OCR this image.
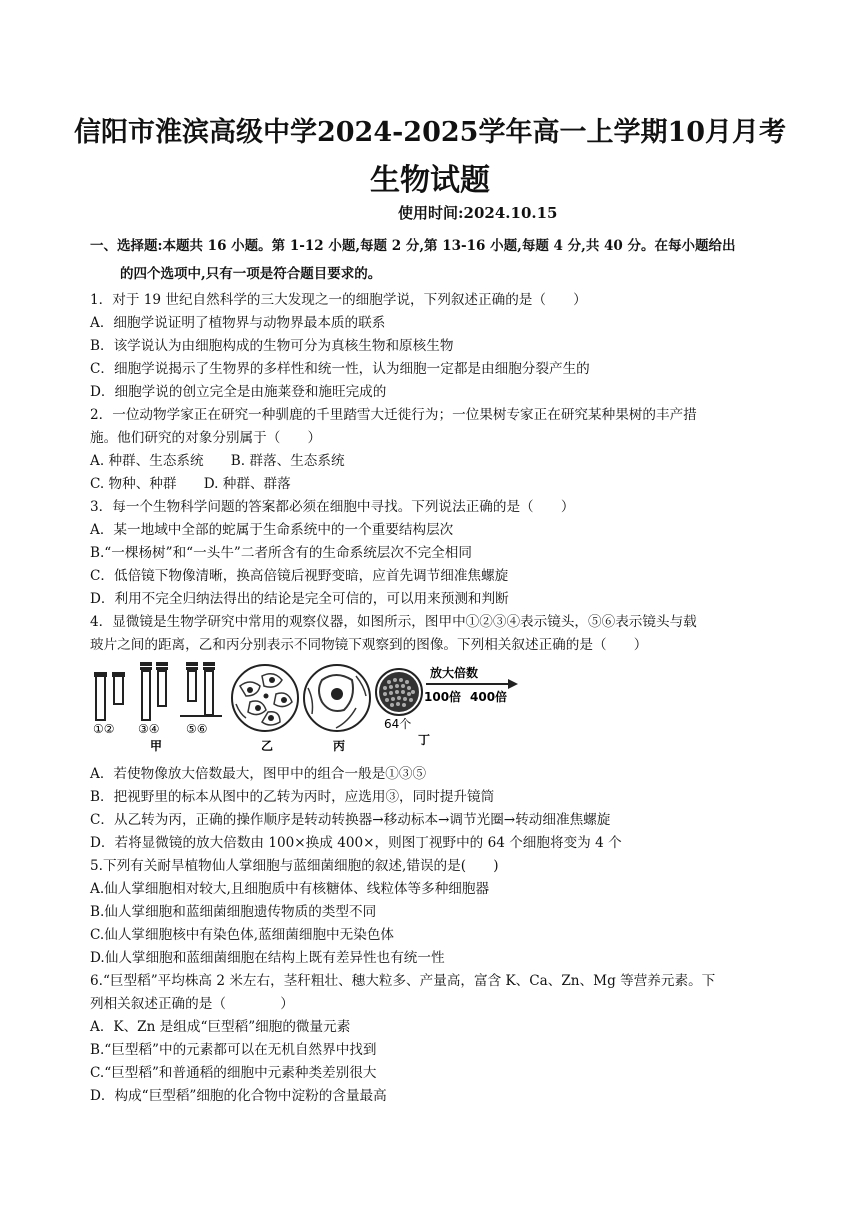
信阳市淮滨高级中学2024-2025学年高一上学期10月月考
生物试题
使用时间:2024.10.15
一、选择题:本题共 16 小题。第 1-12 小题,每题 2 分,第 13-16 小题,每题 4 分,共 40 分。在每小题给出
的四个选项中,只有一项是符合题目要求的。
1．对于 19 世纪自然科学的三大发现之一的细胞学说，下列叙述正确的是（　　）
A．细胞学说证明了植物界与动物界最本质的联系
B．该学说认为由细胞构成的生物可分为真核生物和原核生物
C．细胞学说揭示了生物界的多样性和统一性，认为细胞一定都是由细胞分裂产生的
D．细胞学说的创立完全是由施莱登和施旺完成的
2．一位动物学家正在研究一种驯鹿的千里踏雪大迁徙行为；一位果树专家正在研究某种果树的丰产措
施。他们研究的对象分别属于（　　）
A. 种群、生态系统　　B. 群落、生态系统
C. 物种、种群　　D. 种群、群落
3．每一个生物科学问题的答案都必须在细胞中寻找。下列说法正确的是（　　）
A．某一地域中全部的蛇属于生命系统中的一个重要结构层次
B.“一棵杨树”和“一头牛”二者所含有的生命系统层次不完全相同
C．低倍镜下物像清晰，换高倍镜后视野变暗，应首先调节细准焦螺旋
D．利用不完全归纳法得出的结论是完全可信的，可以用来预测和判断
4．显微镜是生物学研究中常用的观察仪器，如图所示，图甲中①②③④表示镜头，⑤⑥表示镜头与载
玻片之间的距离，乙和丙分别表示不同物镜下观察到的图像。下列相关叙述正确的是（　　）
①② ③④ ⑤⑥
甲	乙	丙
64个
丁
放大倍数
100倍 400倍
A．若使物像放大倍数最大，图甲中的组合一般是①③⑤
B．把视野里的标本从图中的乙转为丙时，应选用③，同时提升镜筒
C．从乙转为丙，正确的操作顺序是转动转换器→移动标本→调节光圈→转动细准焦螺旋
D．若将显微镜的放大倍数由 100×换成 400×，则图丁视野中的 64 个细胞将变为 4 个
5.下列有关耐旱植物仙人掌细胞与蓝细菌细胞的叙述,错误的是(　　)
A.仙人掌细胞相对较大,且细胞质中有核糖体、线粒体等多种细胞器
B.仙人掌细胞和蓝细菌细胞遗传物质的类型不同
C.仙人掌细胞核中有染色体,蓝细菌细胞中无染色体
D.仙人掌细胞和蓝细菌细胞在结构上既有差异性也有统一性
6.“巨型稻”平均株高 2 米左右，茎秆粗壮、穗大粒多、产量高，富含 K、Ca、Zn、Mg 等营养元素。下
列相关叙述正确的是（　　　　）
A．K、Zn 是组成“巨型稻”细胞的微量元素
B.“巨型稻”中的元素都可以在无机自然界中找到
C.“巨型稻”和普通稻的细胞中元素种类差别很大
D．构成“巨型稻”细胞的化合物中淀粉的含量最高
